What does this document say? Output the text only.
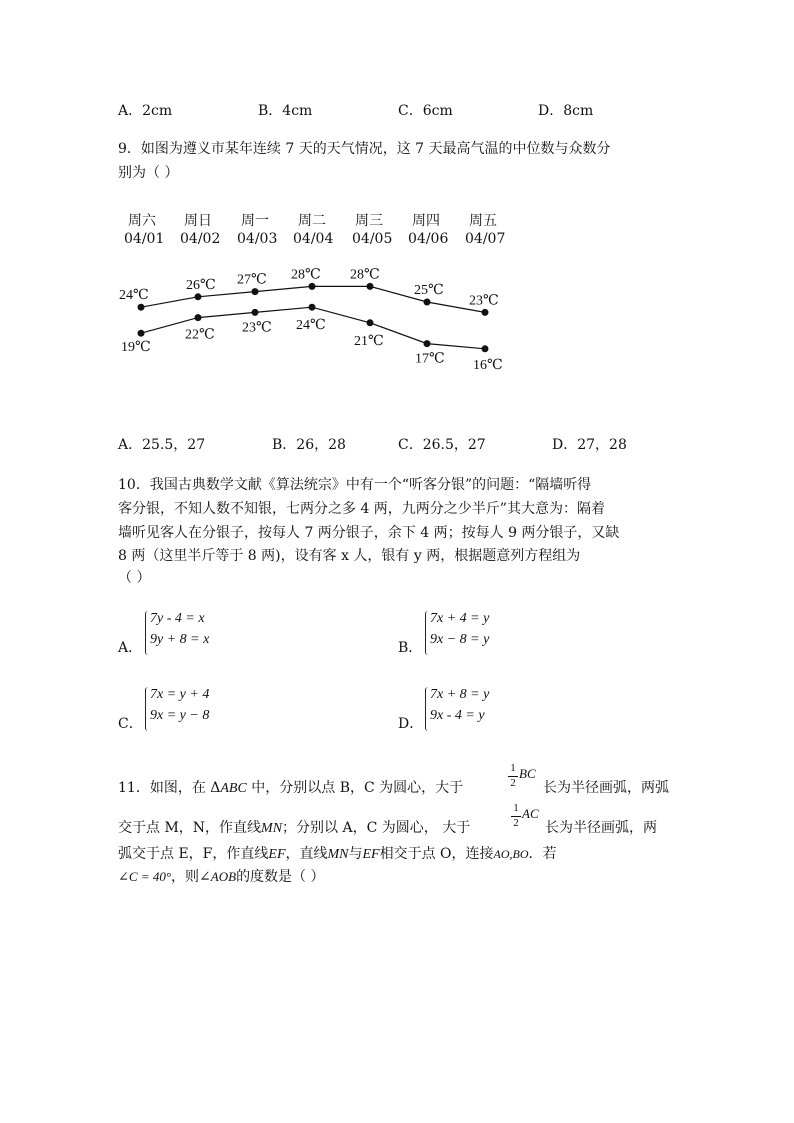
A．2cm	B．4cm	C．6cm	D．8cm
9．如图为遵义市某年连续 7 天的天气情况，这 7 天最高气温的中位数与众数分
别为（ ）
周六 周日 周一 周二 周三 周四 周五
04/01 04/02 04/03 04/04 04/05 04/06 04/07
24℃
26℃ 27℃ 28℃ 28℃
25℃
23℃
19℃
22℃ 23℃ 24℃
21℃
17℃ 16℃
A．25.5，27	B．26，28	C．26.5，27	D．27，28
10．我国古典数学文献《算法统宗》中有一个“听客分银”的问题：“隔墙听得
客分银，不知人数不知银，七两分之多 4 两，九两分之少半斤”其大意为：隔着
墙听见客人在分银子，按每人 7 两分银子，余下 4 两；按每人 9 两分银子，又缺
8 两（这里半斤等于 8 两)，设有客 x 人，银有 y 两，根据题意列方程组为
（ ）
A．
7y - 4 = x
9y + 8 = x
B．
7x + 4 = y
9x − 8 = y
C．
7x = y + 4
9x = y − 8
D．
7x + 8 = y
9x - 4 = y
11．如图，在 ΔABC 中，分别以点 B，C 为圆心，大于
1
2
BC
长为半径画弧，两弧
交于点 M，N，作直线MN；分别以 A，C 为圆心， 大于
1
2
AC
长为半径画弧，两
弧交于点 E，F，作直线EF，直线MN与EF相交于点 O，连接AO,BO．若
∠C = 40°，则∠AOB的度数是（ ）
